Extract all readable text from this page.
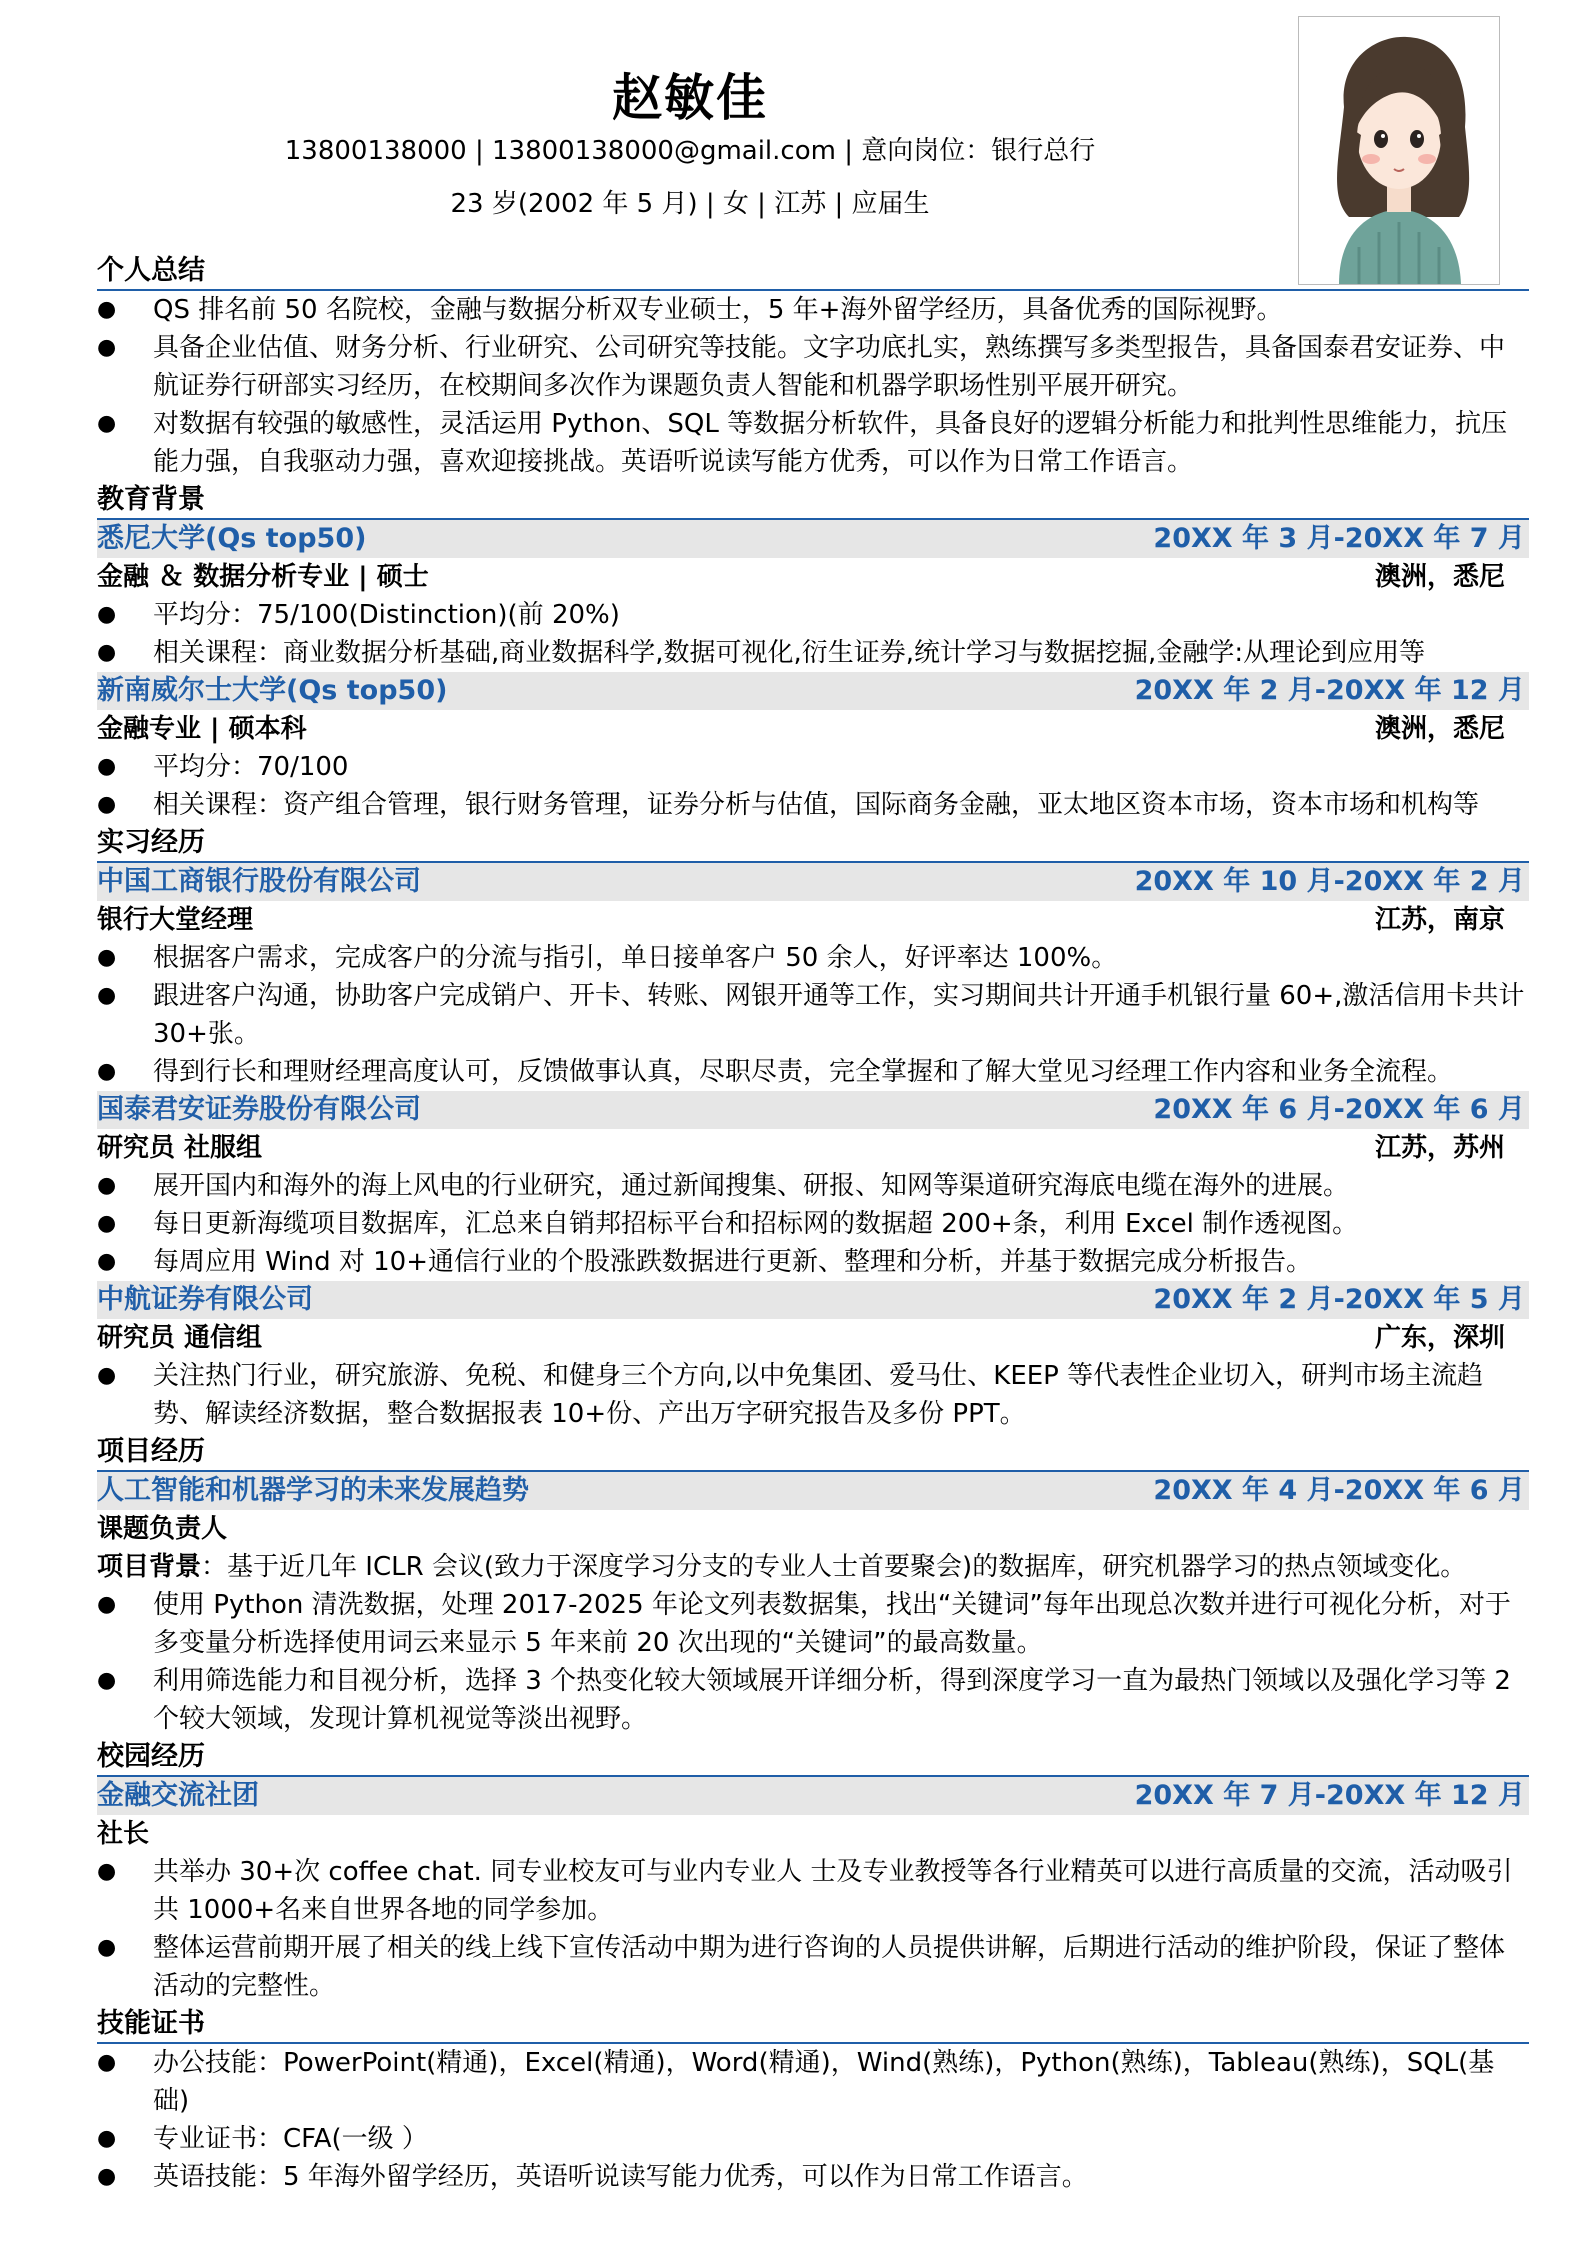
赵敏佳
13800138000 | 13800138000@gmail.com | 意向岗位：银行总行
23 岁(2002 年 5 月) | 女 | 江苏 | 应届生
个人总结
●	QS 排名前 50 名院校，金融与数据分析双专业硕士，5 年+海外留学经历，具备优秀的国际视野。
●	具备企业估值、财务分析、行业研究、公司研究等技能。文字功底扎实，熟练撰写多类型报告，具备国泰君安证券、中航证券行研部实习经历，在校期间多次作为课题负责人智能和机器学职场性别平展开研究。
●	对数据有较强的敏感性，灵活运用 Python、SQL 等数据分析软件，具备良好的逻辑分析能力和批判性思维能力，抗压能力强，自我驱动力强，喜欢迎接挑战。英语听说读写能方优秀，可以作为日常工作语言。
教育背景
悉尼大学(Qs top50)	20XX 年 3 月-20XX 年 7 月
金融 ＆ 数据分析专业 | 硕士	澳洲，悉尼
●	平均分：75/100(Distinction)(前 20%)
●	相关课程：商业数据分析基础,商业数据科学,数据可视化,衍生证券,统计学习与数据挖掘,金融学:从理论到应用等
新南威尔士大学(Qs top50)	20XX 年 2 月-20XX 年 12 月
金融专业 | 硕本科	澳洲，悉尼
●	平均分：70/100
●	相关课程：资产组合管理，银行财务管理，证券分析与估值，国际商务金融，亚太地区资本市场，资本市场和机构等
实习经历
中国工商银行股份有限公司	20XX 年 10 月-20XX 年 2 月
银行大堂经理	江苏，南京
●	根据客户需求，完成客户的分流与指引，单日接单客户 50 余人，好评率达 100%。
●	跟进客户沟通，协助客户完成销户、开卡、转账、网银开通等工作，实习期间共计开通手机银行量 60+,激活信用卡共计 30+张。
●	得到行长和理财经理高度认可，反馈做事认真，尽职尽责，完全掌握和了解大堂见习经理工作内容和业务全流程。
国泰君安证券股份有限公司	20XX 年 6 月-20XX 年 6 月
研究员 社服组	江苏，苏州
●	展开国内和海外的海上风电的行业研究，通过新闻搜集、研报、知网等渠道研究海底电缆在海外的进展。
●	每日更新海缆项目数据库，汇总来自销邦招标平台和招标网的数据超 200+条，利用 Excel 制作透视图。
●	每周应用 Wind 对 10+通信行业的个股涨跌数据进行更新、整理和分析，并基于数据完成分析报告。
中航证券有限公司	20XX 年 2 月-20XX 年 5 月
研究员 通信组	广东，深圳
●	关注热门行业，研究旅游、免税、和健身三个方向,以中免集团、爱马仕、KEEP 等代表性企业切入，研判市场主流趋势、解读经济数据，整合数据报表 10+份、产出万字研究报告及多份 PPT。
项目经历
人工智能和机器学习的未来发展趋势	20XX 年 4 月-20XX 年 6 月
课题负责人
项目背景：基于近几年 ICLR 会议(致力于深度学习分支的专业人士首要聚会)的数据库，研究机器学习的热点领域变化。
●	使用 Python 清洗数据，处理 2017-2025 年论文列表数据集，找出“关键词”每年出现总次数并进行可视化分析，对于多变量分析选择使用词云来显示 5 年来前 20 次出现的“关键词”的最高数量。
●	利用筛选能力和目视分析，选择 3 个热变化较大领域展开详细分析，得到深度学习一直为最热门领域以及强化学习等 2 个较大领域，发现计算机视觉等淡出视野。
校园经历
金融交流社团	20XX 年 7 月-20XX 年 12 月
社长
●	共举办 30+次 coffee chat. 同专业校友可与业内专业人 士及专业教授等各行业精英可以进行高质量的交流，活动吸引共 1000+名来自世界各地的同学参加。
●	整体运营前期开展了相关的线上线下宣传活动中期为进行咨询的人员提供讲解，后期进行活动的维护阶段，保证了整体活动的完整性。
技能证书
●	办公技能：PowerPoint(精通)，Excel(精通)，Word(精通)，Wind(熟练)，Python(熟练)，Tableau(熟练)，SQL(基础)
●	专业证书：CFA(一级 ）
●	英语技能：5 年海外留学经历，英语听说读写能力优秀，可以作为日常工作语言。
